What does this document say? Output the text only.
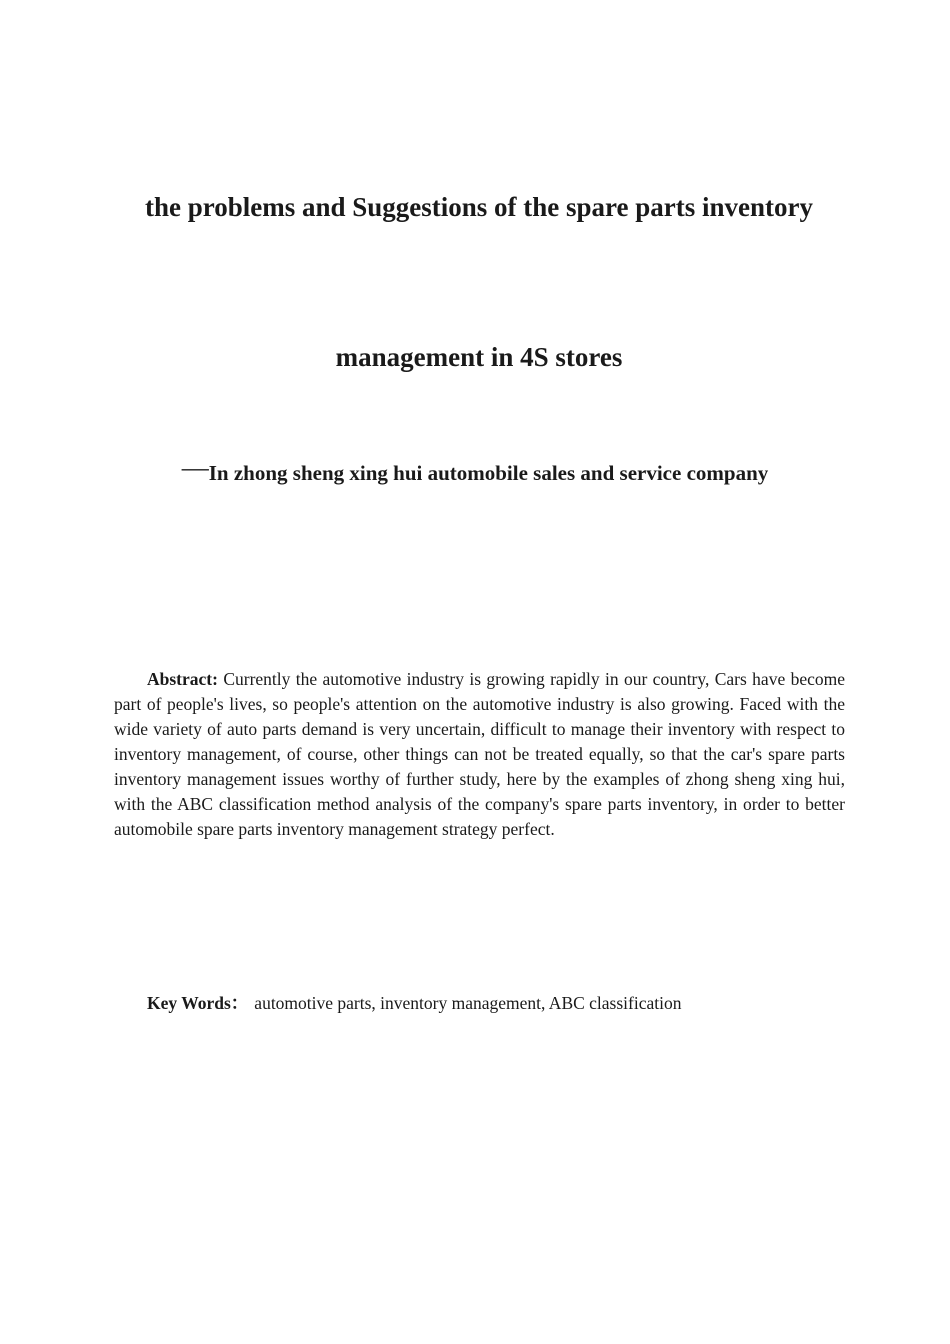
the problems and Suggestions of the spare parts inventory
management in 4S stores
—In zhong sheng xing hui automobile sales and service company

Abstract: Currently the automotive industry is growing rapidly in our country, Cars have become part of people's lives, so people's attention on the automotive industry is also growing. Faced with the wide variety of auto parts demand is very uncertain, difficult to manage their inventory with respect to inventory management, of course, other things can not be treated equally, so that the car's spare parts inventory management issues worthy of further study, here by the examples of zhong sheng xing hui, with the ABC classification method analysis of the company's spare parts inventory, in order to better automobile spare parts inventory management strategy perfect.

Key Words： automotive parts, inventory management, ABC classification
